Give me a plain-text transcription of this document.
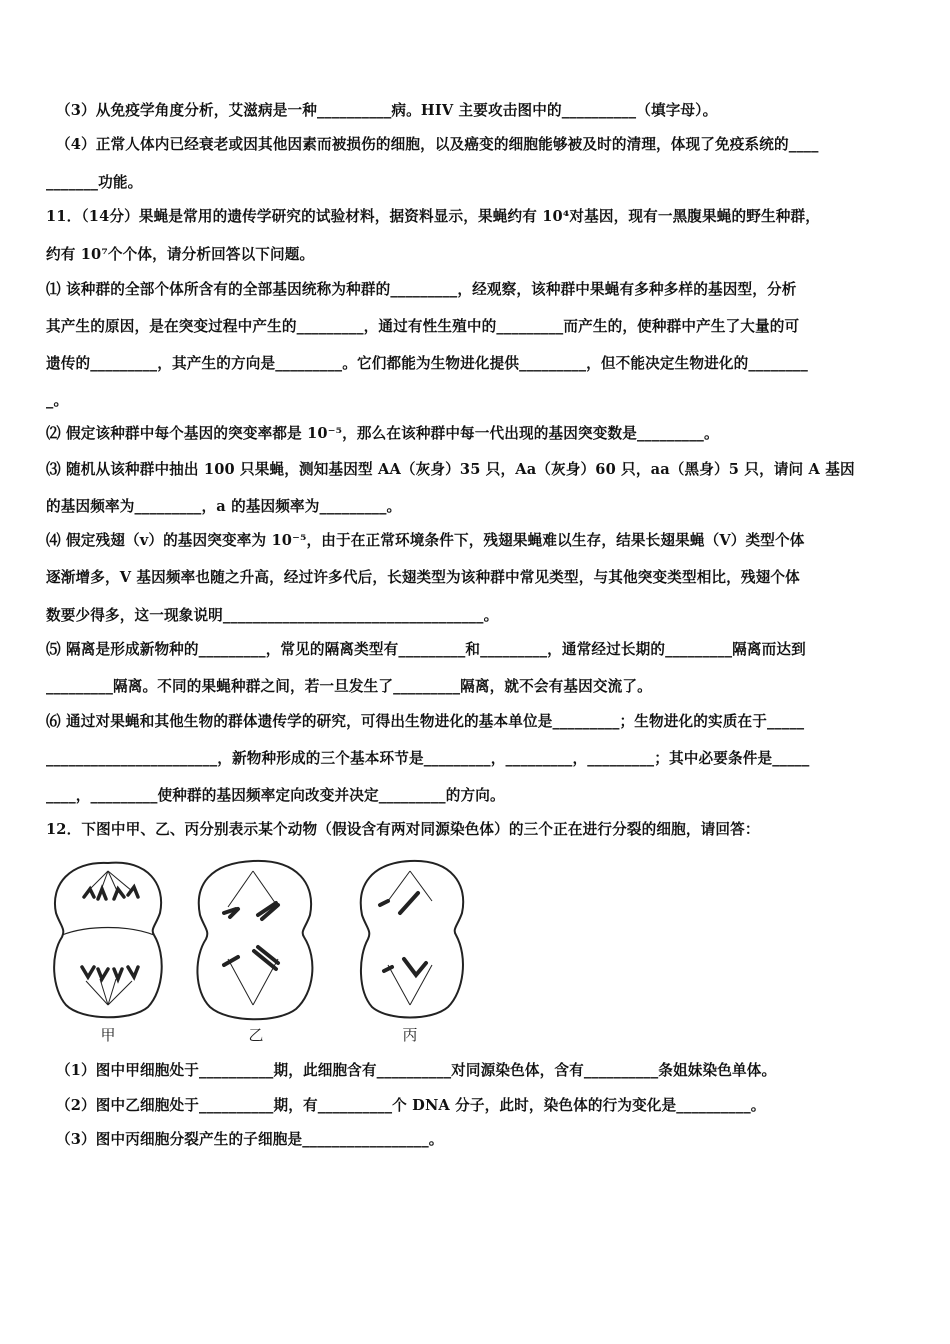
（3）从免疫学角度分析，艾滋病是一种__________病。HIV 主要攻击图中的__________（填字母）。
（4）正常人体内已经衰老或因其他因素而被损伤的细胞，以及癌变的细胞能够被及时的清理，体现了免疫系统的____
_______功能。
11．（14分）果蝇是常用的遗传学研究的试验材料，据资料显示，果蝇约有 10⁴对基因，现有一黑腹果蝇的野生种群，
约有 10⁷个个体，请分析回答以下问题。
⑴ 该种群的全部个体所含有的全部基因统称为种群的_________，经观察，该种群中果蝇有多种多样的基因型，分析
其产生的原因，是在突变过程中产生的_________，通过有性生殖中的_________而产生的，使种群中产生了大量的可
遗传的_________，其产生的方向是_________。它们都能为生物进化提供_________，但不能决定生物进化的________
_。
⑵ 假定该种群中每个基因的突变率都是 10⁻⁵，那么在该种群中每一代出现的基因突变数是_________。
⑶ 随机从该种群中抽出 100 只果蝇，测知基因型 AA（灰身）35 只，Aa（灰身）60 只，aa（黑身）5 只，请问 A 基因
的基因频率为_________，a 的基因频率为_________。
⑷ 假定残翅（v）的基因突变率为 10⁻⁵，由于在正常环境条件下，残翅果蝇难以生存，结果长翅果蝇（V）类型个体
逐渐增多，V 基因频率也随之升高，经过许多代后，长翅类型为该种群中常见类型，与其他突变类型相比，残翅个体
数要少得多，这一现象说明___________________________________。
⑸ 隔离是形成新物种的_________，常见的隔离类型有_________和_________，通常经过长期的_________隔离而达到
_________隔离。不同的果蝇种群之间，若一旦发生了_________隔离，就不会有基因交流了。
⑹ 通过对果蝇和其他生物的群体遗传学的研究，可得出生物进化的基本单位是_________；生物进化的实质在于_____
_______________________，新物种形成的三个基本环节是_________，_________，_________；其中必要条件是_____
____，_________使种群的基因频率定向改变并决定_________的方向。
12．下图中甲、乙、丙分别表示某个动物（假设含有两对同源染色体）的三个正在进行分裂的细胞，请回答：
甲	乙	丙
（1）图中甲细胞处于__________期，此细胞含有__________对同源染色体，含有__________条姐妹染色单体。
（2）图中乙细胞处于__________期，有__________个 DNA 分子，此时，染色体的行为变化是__________。
（3）图中丙细胞分裂产生的子细胞是_________________。
